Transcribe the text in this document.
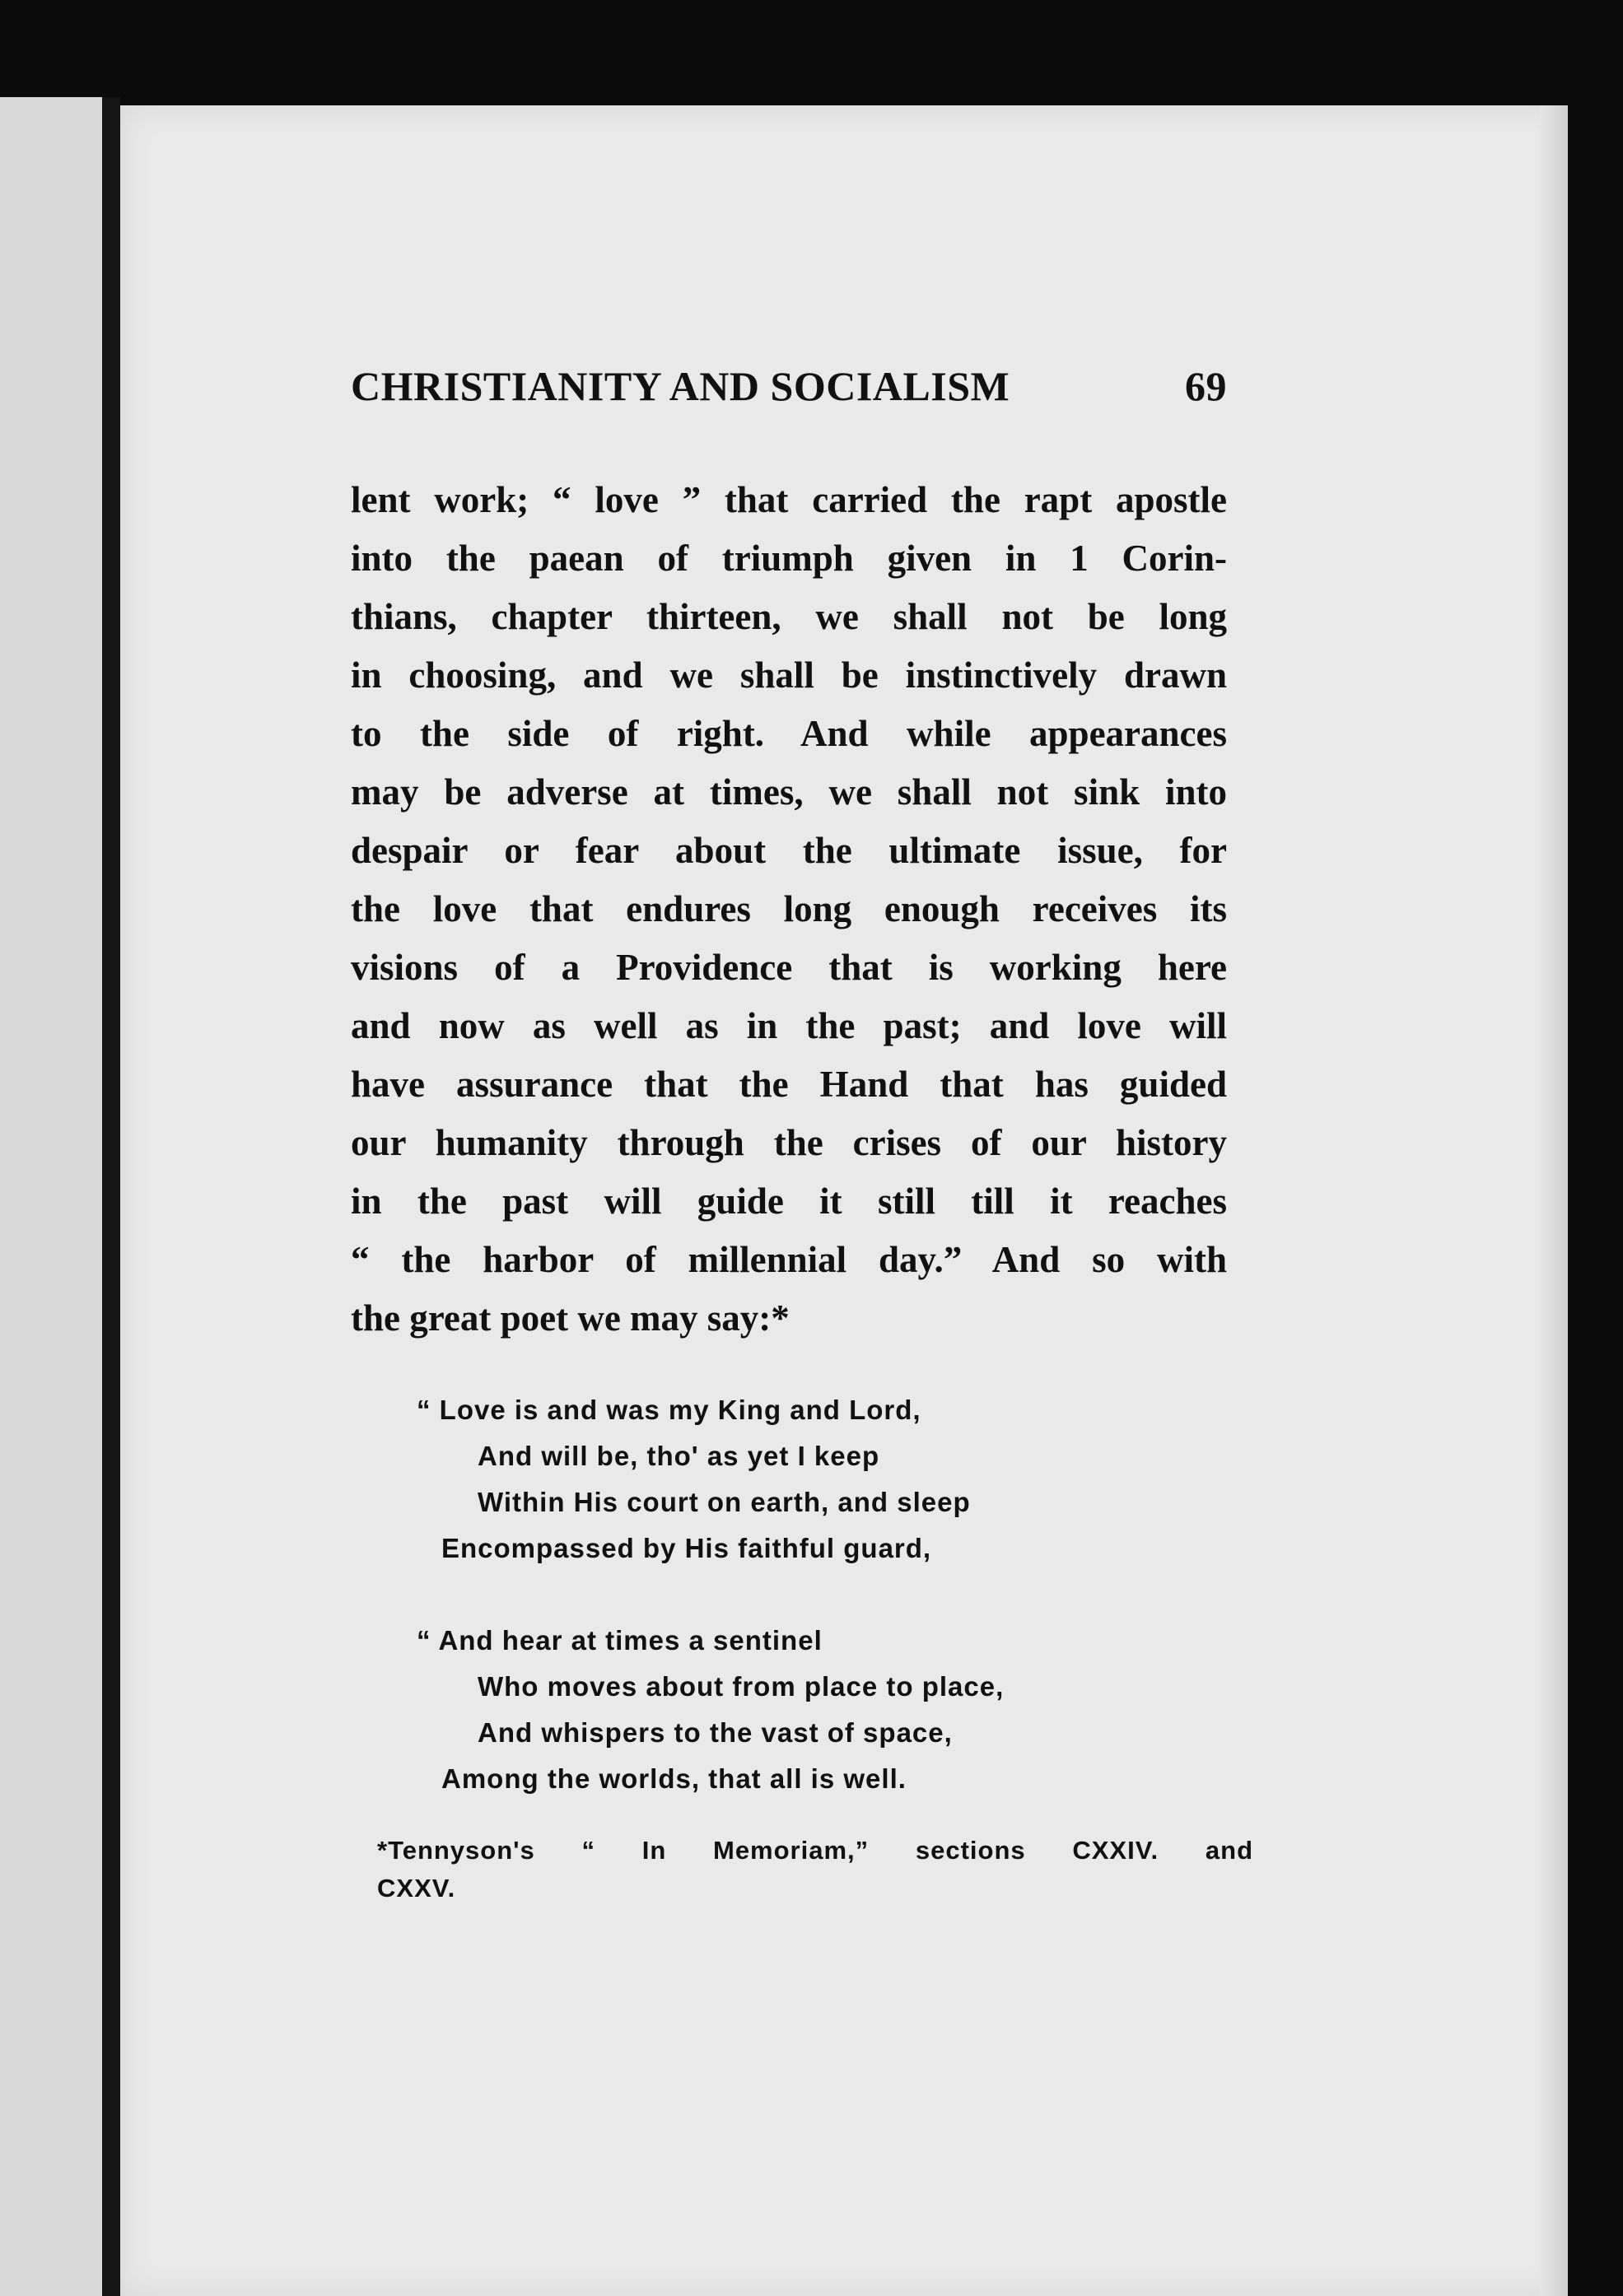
CHRISTIANITY AND SOCIALISM	69
lent work; “ love ” that carried the rapt apostle
into the paean of triumph given in 1 Corin-
thians, chapter thirteen, we shall not be long
in choosing, and we shall be instinctively drawn
to the side of right. And while appearances
may be adverse at times, we shall not sink into
despair or fear about the ultimate issue, for
the love that endures long enough receives its
visions of a Providence that is working here
and now as well as in the past; and love will
have assurance that the Hand that has guided
our humanity through the crises of our history
in the past will guide it still till it reaches
“ the harbor of millennial day.” And so with
the great poet we may say:*
“ Love is and was my King and Lord,
And will be, tho' as yet I keep
Within His court on earth, and sleep
Encompassed by His faithful guard,
“ And hear at times a sentinel
Who moves about from place to place,
And whispers to the vast of space,
Among the worlds, that all is well.
*Tennyson's “ In Memoriam,” sections CXXIV. and
CXXV.
